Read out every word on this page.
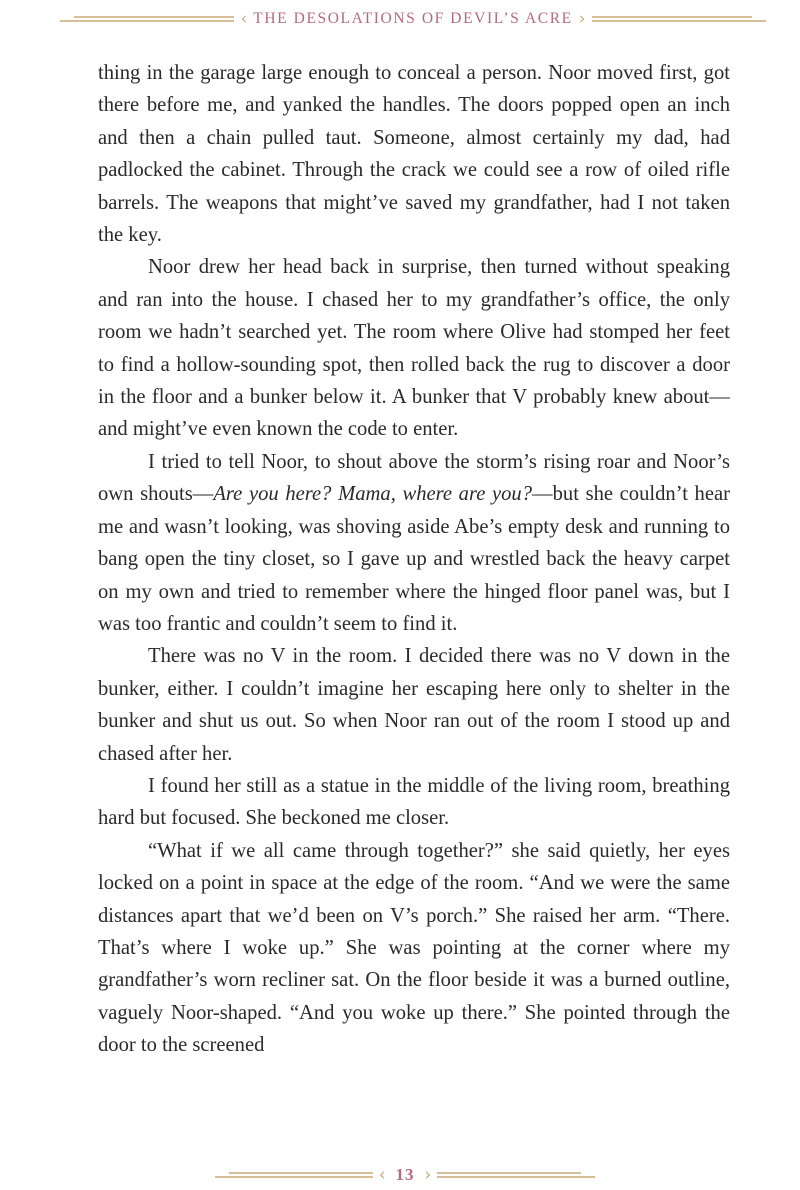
‹ THE DESOLATIONS OF DEVIL’S ACRE ›

thing in the garage large enough to conceal a person. Noor moved first, got there before me, and yanked the handles. The doors popped open an inch and then a chain pulled taut. Someone, almost certainly my dad, had padlocked the cabinet. Through the crack we could see a row of oiled rifle barrels. The weapons that might’ve saved my grandfather, had I not taken the key.

Noor drew her head back in surprise, then turned without speaking and ran into the house. I chased her to my grandfather’s office, the only room we hadn’t searched yet. The room where Olive had stomped her feet to find a hollow-sounding spot, then rolled back the rug to discover a door in the floor and a bunker below it. A bunker that V probably knew about—and might’ve even known the code to enter.

I tried to tell Noor, to shout above the storm’s rising roar and Noor’s own shouts—Are you here? Mama, where are you?—but she couldn’t hear me and wasn’t looking, was shoving aside Abe’s empty desk and running to bang open the tiny closet, so I gave up and wrestled back the heavy carpet on my own and tried to remember where the hinged floor panel was, but I was too frantic and couldn’t seem to find it.

There was no V in the room. I decided there was no V down in the bunker, either. I couldn’t imagine her escaping here only to shelter in the bunker and shut us out. So when Noor ran out of the room I stood up and chased after her.

I found her still as a statue in the middle of the living room, breathing hard but focused. She beckoned me closer.

“What if we all came through together?” she said quietly, her eyes locked on a point in space at the edge of the room. “And we were the same distances apart that we’d been on V’s porch.” She raised her arm. “There. That’s where I woke up.” She was pointing at the corner where my grandfather’s worn recliner sat. On the floor beside it was a burned outline, vaguely Noor-shaped. “And you woke up there.” She pointed through the door to the screened

‹ 13 ›
